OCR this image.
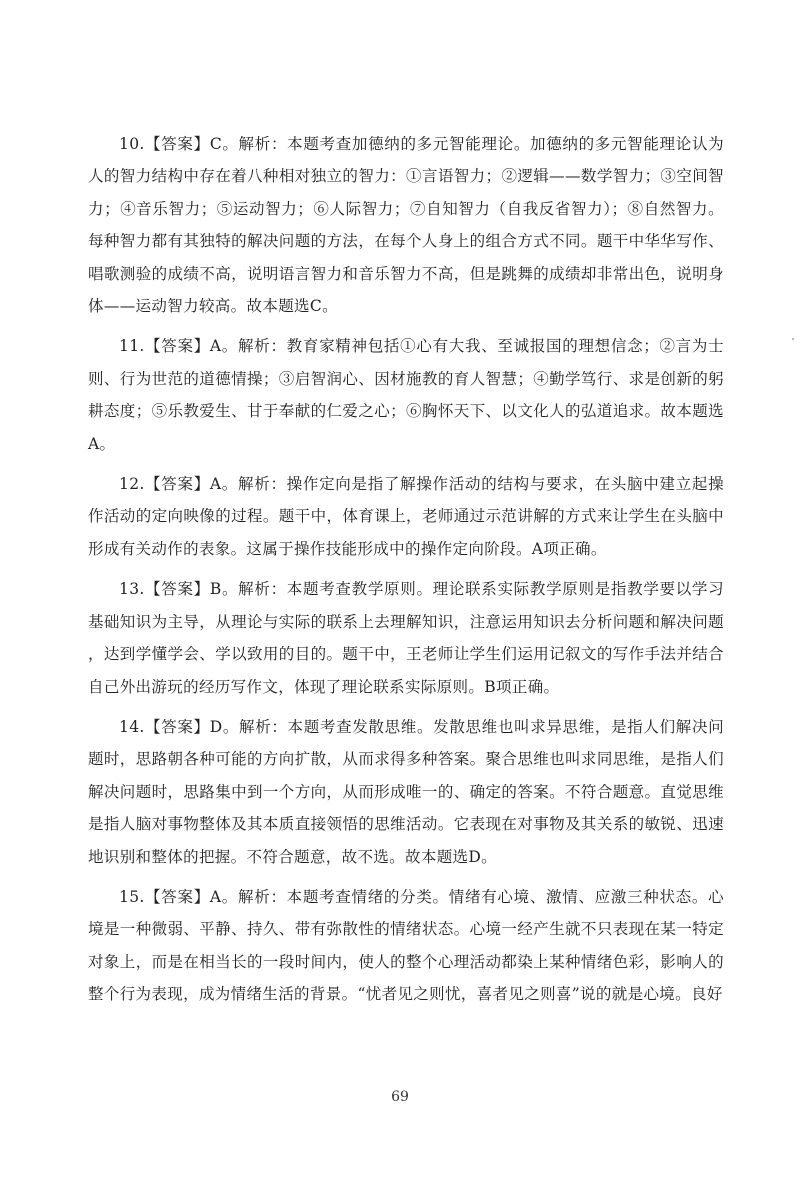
10.【答案】C。解析：本题考查加德纳的多元智能理论。加德纳的多元智能理论认为人的智力结构中存在着八种相对独立的智力：①言语智力；②逻辑——数学智力；③空间智力；④音乐智力；⑤运动智力；⑥人际智力；⑦自知智力（自我反省智力）；⑧自然智力。每种智力都有其独特的解决问题的方法，在每个人身上的组合方式不同。题干中华华写作、唱歌测验的成绩不高，说明语言智力和音乐智力不高，但是跳舞的成绩却非常出色，说明身体——运动智力较高。故本题选C。

11.【答案】A。解析：教育家精神包括①心有大我、至诚报国的理想信念；②言为士则、行为世范的道德情操；③启智润心、因材施教的育人智慧；④勤学笃行、求是创新的躬耕态度；⑤乐教爱生、甘于奉献的仁爱之心；⑥胸怀天下、以文化人的弘道追求。故本题选A。

12.【答案】A。解析：操作定向是指了解操作活动的结构与要求，在头脑中建立起操作活动的定向映像的过程。题干中，体育课上，老师通过示范讲解的方式来让学生在头脑中形成有关动作的表象。这属于操作技能形成中的操作定向阶段。A项正确。

13.【答案】B。解析：本题考查教学原则。理论联系实际教学原则是指教学要以学习基础知识为主导，从理论与实际的联系上去理解知识，注意运用知识去分析问题和解决问题，达到学懂学会、学以致用的目的。题干中，王老师让学生们运用记叙文的写作手法并结合自己外出游玩的经历写作文，体现了理论联系实际原则。B项正确。

14.【答案】D。解析：本题考查发散思维。发散思维也叫求异思维，是指人们解决问题时，思路朝各种可能的方向扩散，从而求得多种答案。聚合思维也叫求同思维，是指人们解决问题时，思路集中到一个方向，从而形成唯一的、确定的答案。不符合题意。直觉思维是指人脑对事物整体及其本质直接领悟的思维活动。它表现在对事物及其关系的敏锐、迅速地识别和整体的把握。不符合题意，故不选。故本题选D。

15.【答案】A。解析：本题考查情绪的分类。情绪有心境、激情、应激三种状态。心境是一种微弱、平静、持久、带有弥散性的情绪状态。心境一经产生就不只表现在某一特定对象上，而是在相当长的一段时间内，使人的整个心理活动都染上某种情绪色彩，影响人的整个行为表现，成为情绪生活的背景。“忧者见之则忧，喜者见之则喜”说的就是心境。良好

69
